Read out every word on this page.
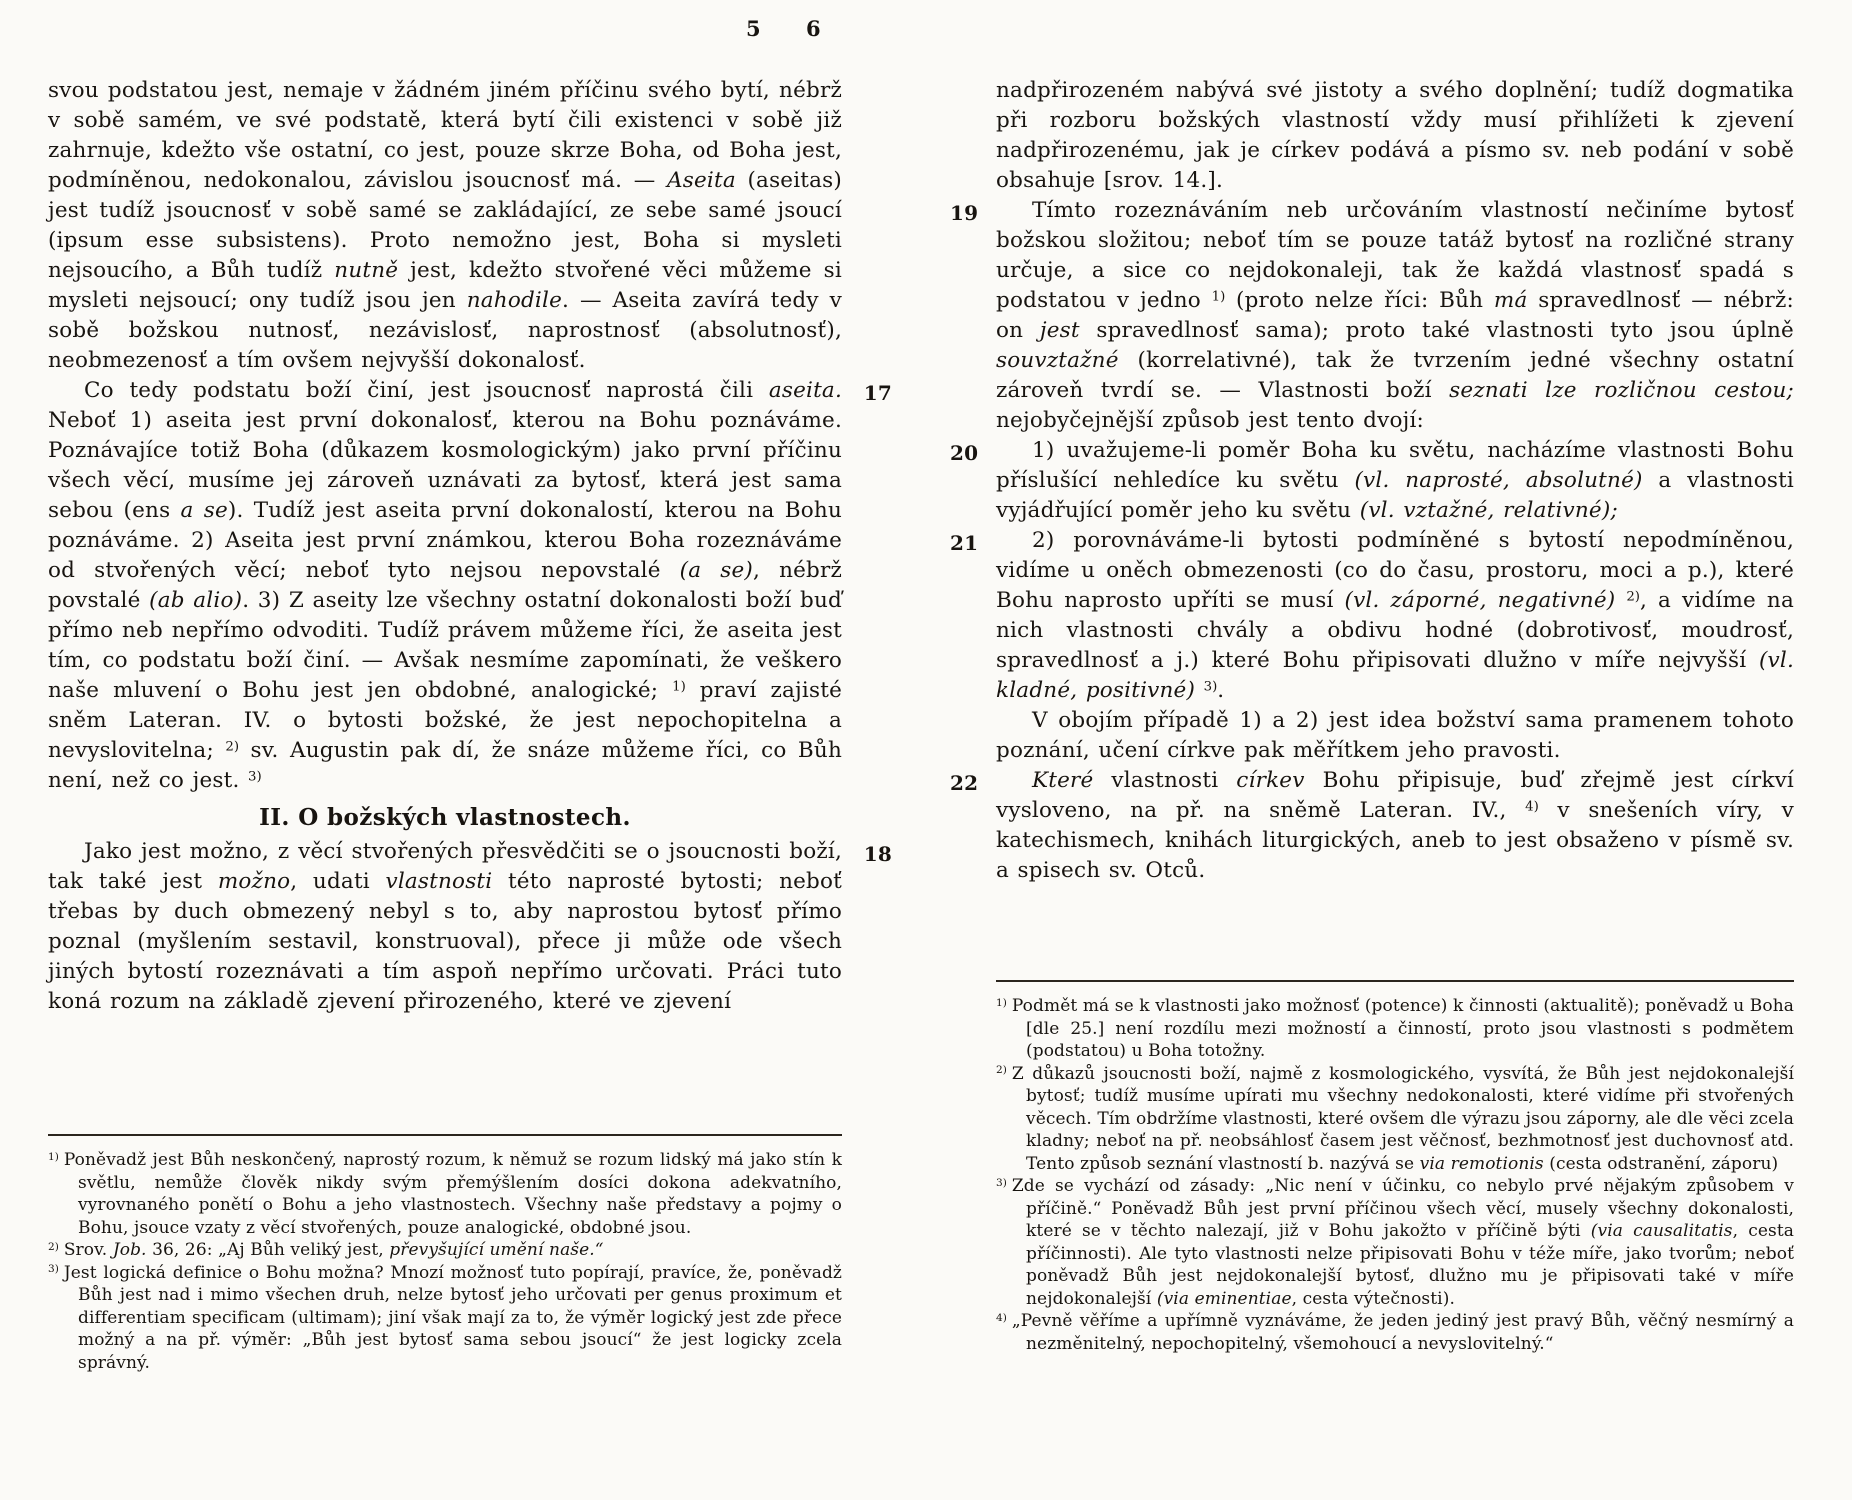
5 6

svou podstatou jest, nemaje v žádném jiném příčinu svého bytí, nébrž v sobě samém, ve své podstatě, která bytí čili existenci v sobě již zahrnuje, kdežto vše ostatní, co jest, pouze skrze Boha, od Boha jest, podmíněnou, nedokonalou, závislou jsoucnosť má. — Aseita (aseitas) jest tudíž jsoucnosť v sobě samé se zakládající, ze sebe samé jsoucí (ipsum esse subsistens). Proto nemožno jest, Boha si mysleti nejsoucího, a Bůh tudíž nutně jest, kdežto stvořené věci můžeme si mysleti nejsoucí; ony tudíž jsou jen nahodile. — Aseita zavírá tedy v sobě božskou nutnosť, nezávislosť, naprostnosť (absolutnosť), neobmezenosť a tím ovšem nejvyšší dokonalosť.

Co tedy podstatu boží činí, jest jsoucnosť naprostá čili aseita. Neboť 1) aseita jest první dokonalosť, kterou na Bohu poznáváme. Poznávajíce totiž Boha (důkazem kosmologickým) jako první příčinu všech věcí, musíme jej zároveň uznávati za bytosť, která jest sama sebou (ens a se). Tudíž jest aseita první dokonalostí, kterou na Bohu poznáváme. 2) Aseita jest první známkou, kterou Boha rozeznáváme od stvořených věcí; neboť tyto nejsou nepovstalé (a se), nébrž povstalé (ab alio). 3) Z aseity lze všechny ostatní dokonalosti boží buď přímo neb nepřímo odvoditi. Tudíž právem můžeme říci, že aseita jest tím, co podstatu boží činí. — Avšak nesmíme zapomínati, že veškero naše mluvení o Bohu jest jen obdobné, analogické; $^{1)}$ praví zajisté sněm Lateran. IV. o bytosti božské, že jest nepochopitelna a nevyslovitelna; $^{2)}$ sv. Augustin pak dí, že snáze můžeme říci, co Bůh není, než co jest. $^{3)}$
17

II. O božských vlastnostech.

Jako jest možno, z věcí stvořených přesvědčiti se o jsoucnosti boží, tak také jest možno, udati vlastnosti této naprosté bytosti; neboť třebas by duch obmezený nebyl s to, aby naprostou bytosť přímo poznal (myšlením sestavil, konstruoval), přece ji může ode všech jiných bytostí rozeznávati a tím aspoň nepřímo určovati. Práci tuto koná rozum na základě zjevení přirozeného, které ve zjevení
18

$^{1)}$ Poněvadž jest Bůh neskončený, naprostý rozum, k němuž se rozum lidský má jako stín k světlu, nemůže člověk nikdy svým přemýšlením dosíci dokona adekvatního, vyrovnaného ponětí o Bohu a jeho vlastnostech. Všechny naše představy a pojmy o Bohu, jsouce vzaty z věcí stvořených, pouze analogické, obdobné jsou.

$^{2)}$ Srov. Job. 36, 26: „Aj Bůh veliký jest, převyšující umění naše.“

$^{3)}$ Jest logická definice o Bohu možna? Mnozí možnosť tuto popírají, pravíce, že, poněvadž Bůh jest nad i mimo všechen druh, nelze bytosť jeho určovati per genus proximum et differentiam specificam (ultimam); jiní však mají za to, že výměr logický jest zde přece možný a na př. výměr: „Bůh jest bytosť sama sebou jsoucí“ že jest logicky zcela správný.

nadpřirozeném nabývá své jistoty a svého doplnění; tudíž dogmatika při rozboru božských vlastností vždy musí přihlížeti k zjevení nadpřirozenému, jak je církev podává a písmo sv. neb podání v sobě obsahuje [srov. 14.].

Tímto rozeznáváním neb určováním vlastností nečiníme bytosť božskou složitou; neboť tím se pouze tatáž bytosť na rozličné strany určuje, a sice co nejdokonaleji, tak že každá vlastnosť spadá s podstatou v jedno $^{1)}$ (proto nelze říci: Bůh má spravedlnosť — nébrž: on jest spravedlnosť sama); proto také vlastnosti tyto jsou úplně souvztažné (korrelativné), tak že tvrzením jedné všechny ostatní zároveň tvrdí se. — Vlastnosti boží seznati lze rozličnou cestou; nejobyčejnější způsob jest tento dvojí:
19

1) uvažujeme-li poměr Boha ku světu, nacházíme vlastnosti Bohu příslušící nehledíce ku světu (vl. naprosté, absolutné) a vlastnosti vyjádřující poměr jeho ku světu (vl. vztažné, relativné);
20

2) porovnáváme-li bytosti podmíněné s bytostí nepodmíněnou, vidíme u oněch obmezenosti (co do času, prostoru, moci a p.), které Bohu naprosto upříti se musí (vl. záporné, negativné) $^{2)}$, a vidíme na nich vlastnosti chvály a obdivu hodné (dobrotivosť, moudrosť, spravedlnosť a j.) které Bohu připisovati dlužno v míře nejvyšší (vl. kladné, positivné) $^{3)}$.
21

V obojím případě 1) a 2) jest idea božství sama pramenem tohoto poznání, učení církve pak měřítkem jeho pravosti.

Které vlastnosti církev Bohu připisuje, buď zřejmě jest církví vysloveno, na př. na sněmě Lateran. IV., $^{4)}$ v snešeních víry, v katechismech, knihách liturgických, aneb to jest obsaženo v písmě sv. a spisech sv. Otců.
22

$^{1)}$ Podmět má se k vlastnosti jako možnosť (potence) k činnosti (aktualitě); poněvadž u Boha [dle 25.] není rozdílu mezi možností a činností, proto jsou vlastnosti s podmětem (podstatou) u Boha totožny.

$^{2)}$ Z důkazů jsoucnosti boží, najmě z kosmologického, vysvítá, že Bůh jest nejdokonalejší bytosť; tudíž musíme upírati mu všechny nedokonalosti, které vidíme při stvořených věcech. Tím obdržíme vlastnosti, které ovšem dle výrazu jsou záporny, ale dle věci zcela kladny; neboť na př. neobsáhlosť časem jest věčnosť, bezhmotnosť jest duchovnosť atd. Tento způsob seznání vlastností b. nazývá se via remotionis (cesta odstranění, záporu)

$^{3)}$ Zde se vychází od zásady: „Nic není v účinku, co nebylo prvé nějakým způsobem v příčině.“ Poněvadž Bůh jest první příčinou všech věcí, musely všechny dokonalosti, které se v těchto nalezají, již v Bohu jakožto v příčině býti (via causalitatis, cesta příčinnosti). Ale tyto vlastnosti nelze připisovati Bohu v téže míře, jako tvorům; neboť poněvadž Bůh jest nejdokonalejší bytosť, dlužno mu je připisovati také v míře nejdokonalejší (via eminentiae, cesta výtečnosti).

$^{4)}$ „Pevně věříme a upřímně vyznáváme, že jeden jediný jest pravý Bůh, věčný nesmírný a nezměnitelný, nepochopitelný, všemohoucí a nevyslovitelný.“
